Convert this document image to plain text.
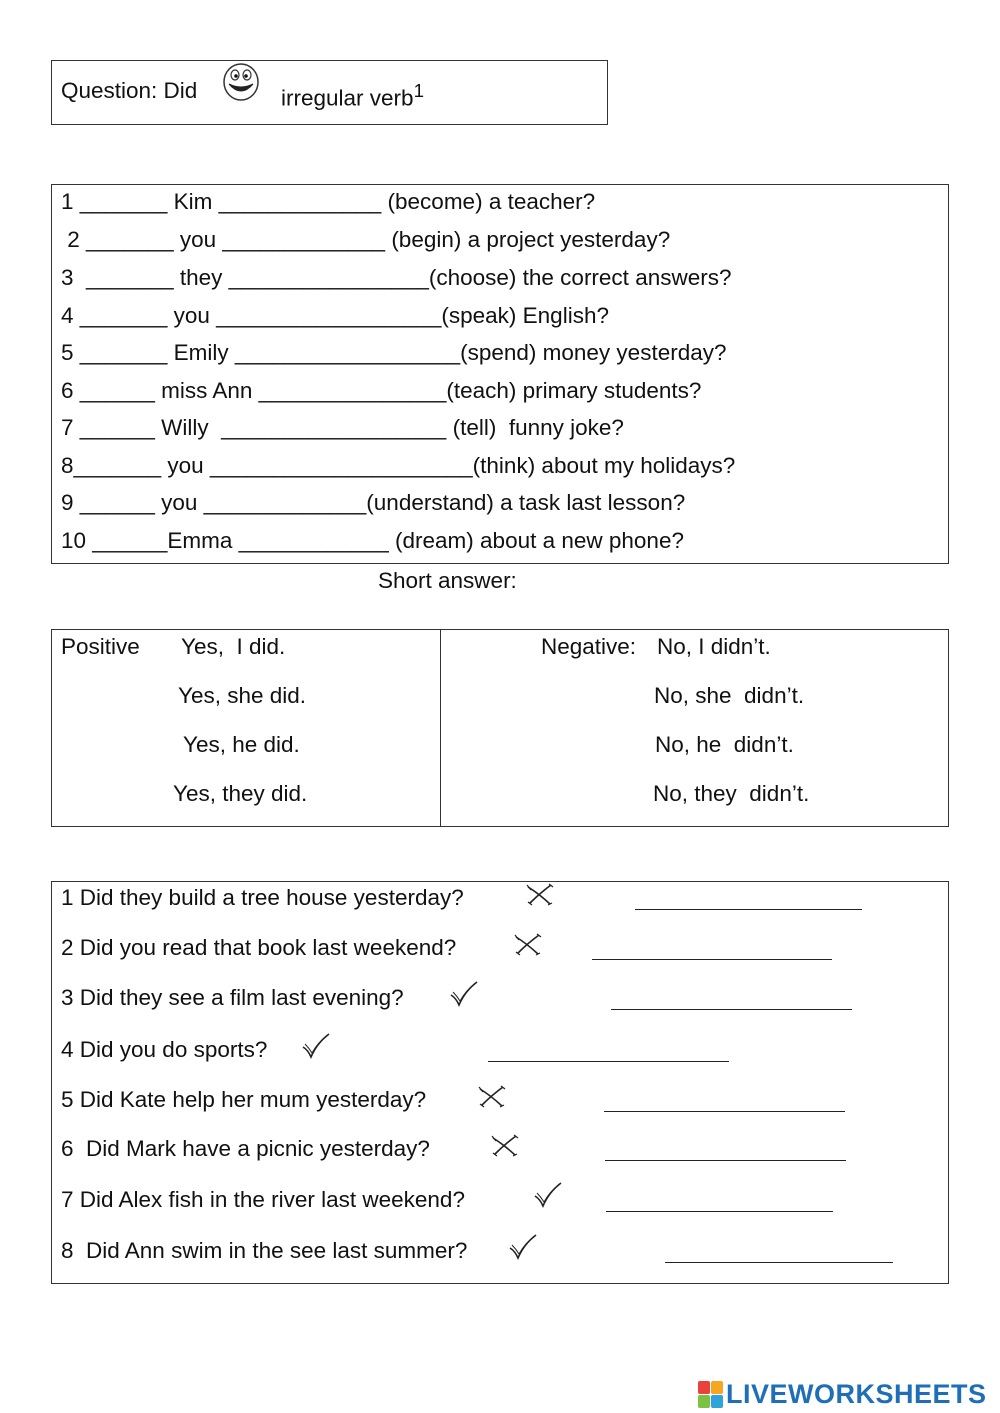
Question: Did	irregular verb$^1$
1 _______ Kim _____________ (become) a teacher?
2 _______ you _____________ (begin) a project yesterday?
3  _______ they ________________(choose) the correct answers?
4 _______ you __________________(speak) English?
5 _______ Emily __________________(spend) money yesterday?
6 ______ miss Ann _______________(teach) primary students?
7 ______ Willy  __________________ (tell)  funny joke?
8_______ you _____________________(think) about my holidays?
9 ______ you _____________(understand) a task last lesson?
10 ______Emma ____________ (dream) about a new phone?
Short answer:
Positive Yes,  I did.
Yes, she did.
Yes, he did.
Yes, they did.
Negative: No, I didn’t.
No, she  didn’t.
No, he  didn’t.
No, they  didn’t.
1 Did they build a tree house yesterday?
2 Did you read that book last weekend?
3 Did they see a film last evening?
4 Did you do sports?
5 Did Kate help her mum yesterday?
6  Did Mark have a picnic yesterday?
7 Did Alex fish in the river last weekend?
8  Did Ann swim in the see last summer?
LIVEWORKSHEETS
